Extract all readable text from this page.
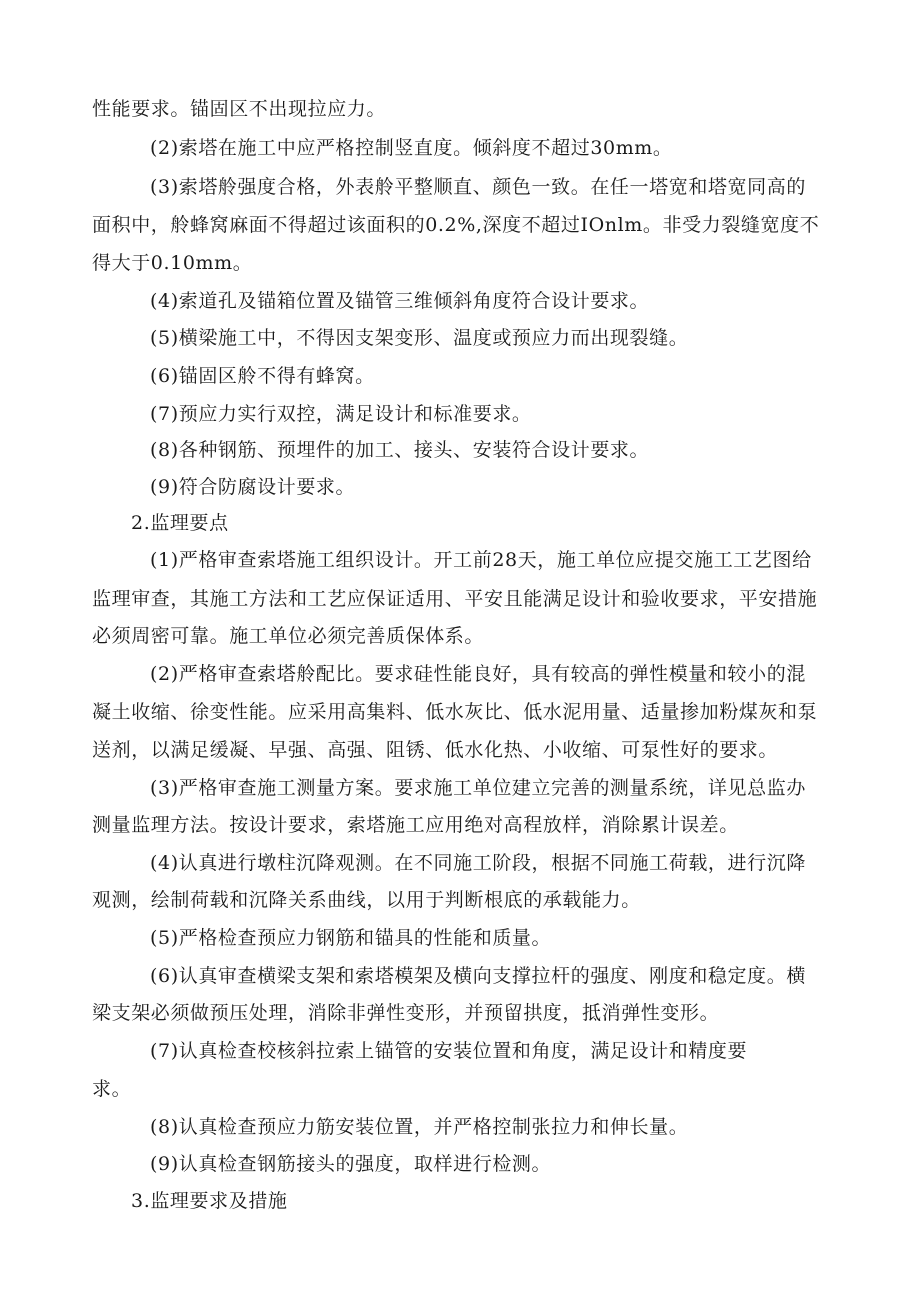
性能要求。锚固区不出现拉应力。
(2)索塔在施工中应严格控制竖直度。倾斜度不超过30mm。
(3)索塔舲强度合格，外表舲平整顺直、颜色一致。在任一塔宽和塔宽同高的
面积中，舲蜂窝麻面不得超过该面积的0.2%,深度不超过IOnlm。非受力裂缝宽度不
得大于0.10mm。
(4)索道孔及锚箱位置及锚管三维倾斜角度符合设计要求。
(5)横梁施工中，不得因支架变形、温度或预应力而出现裂缝。
(6)锚固区舲不得有蜂窝。
(7)预应力实行双控，满足设计和标准要求。
(8)各种钢筋、预埋件的加工、接头、安装符合设计要求。
(9)符合防腐设计要求。
2.监理要点
(1)严格审查索塔施工组织设计。开工前28天，施工单位应提交施工工艺图给
监理审查，其施工方法和工艺应保证适用、平安且能满足设计和验收要求，平安措施
必须周密可靠。施工单位必须完善质保体系。
(2)严格审查索塔舲配比。要求硅性能良好，具有较高的弹性模量和较小的混
凝土收缩、徐变性能。应采用高集料、低水灰比、低水泥用量、适量掺加粉煤灰和泵
送剂，以满足缓凝、早强、高强、阻锈、低水化热、小收缩、可泵性好的要求。
(3)严格审查施工测量方案。要求施工单位建立完善的测量系统，详见总监办
测量监理方法。按设计要求，索塔施工应用绝对高程放样，消除累计误差。
(4)认真进行墩柱沉降观测。在不同施工阶段，根据不同施工荷载，进行沉降
观测，绘制荷载和沉降关系曲线，以用于判断根底的承载能力。
(5)严格检查预应力钢筋和锚具的性能和质量。
(6)认真审查横梁支架和索塔模架及横向支撑拉杆的强度、刚度和稳定度。横
梁支架必须做预压处理，消除非弹性变形，并预留拱度，抵消弹性变形。
(7)认真检查校核斜拉索上锚管的安装位置和角度，满足设计和精度要
求。
(8)认真检查预应力筋安装位置，并严格控制张拉力和伸长量。
(9)认真检查钢筋接头的强度，取样进行检测。
3.监理要求及措施
